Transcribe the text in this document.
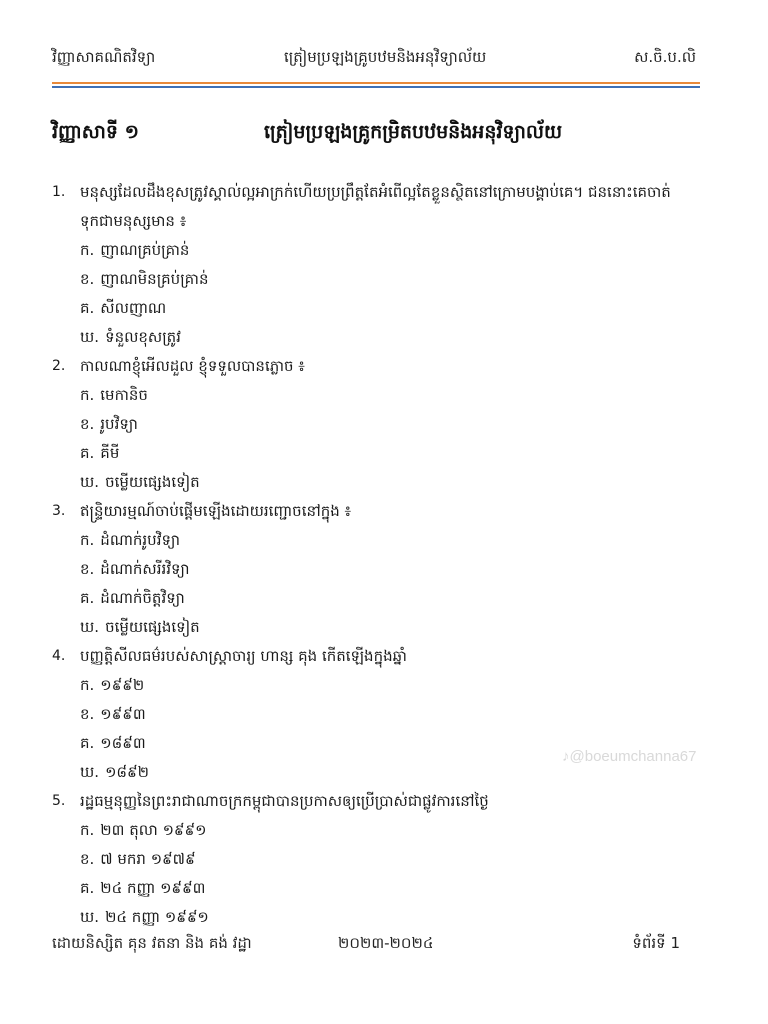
វិញ្ញាសាគណិតវិទ្យា	ត្រៀមប្រឡងគ្រូបឋមនិងអនុវិទ្យាល័យ	ស.ចិ.ប.លិ
វិញ្ញាសាទី ១	ត្រៀមប្រឡងគ្រូកម្រិតបឋមនិងអនុវិទ្យាល័យ
1. មនុស្សដែលដឹងខុសត្រូវស្គាល់ល្អអាក្រក់ហើយប្រព្រឹត្តតែអំពើល្អតែខ្លួនស្ថិតនៅក្រោមបង្គាប់គេ។ ជននោះគេចាត់ទុកជាមនុស្សមាន ៖
ក. ញាណគ្រប់គ្រាន់
ខ. ញាណមិនគ្រប់គ្រាន់
គ. សីលញាណ
ឃ. ទំនួលខុសត្រូវ
2. កាលណាខ្ញុំអើលដួល ខ្ញុំទទួលបានភ្លោច ៖
ក. មេកានិច
ខ. រូបវិទ្យា
គ. គីមី
ឃ. ចម្លើយផ្សេងទៀត
3. ឥន្ទ្រិយារម្មណ៍ចាប់ផ្តើមឡើងដោយរញ្ជោចនៅក្នុង ៖
ក. ដំណាក់រូបវិទ្យា
ខ. ដំណាក់សរីរវិទ្យា
គ. ដំណាក់ចិត្តវិទ្យា
ឃ. ចម្លើយផ្សេងទៀត
4. បញ្ញត្តិសីលធម៌របស់សាស្រ្តាចារ្យ ហាន្ស គុង កើតឡើងក្នុងឆ្នាំ
ក. ១៩៩២
ខ. ១៩៩៣
គ. ១៨៩៣
ឃ. ១៨៩២
5. រដ្ឋធម្មនុញ្ញនៃព្រះរាជាណាចក្រកម្ពុជាបានប្រកាសឲ្យប្រើប្រាស់ជាផ្លូវការនៅថ្ងៃ
ក. ២៣ តុលា ១៩៩១
ខ. ៧ មករា ១៩៧៩
គ. ២៤ កញ្ញា ១៩៩៣
ឃ. ២៤ កញ្ញា ១៩៩១
♪@boeumchanna67
ដោយនិស្សិត គុន វតនា និង គង់ វដ្ឋា	២០២៣-២០២៤	ទំព័រទី 1
